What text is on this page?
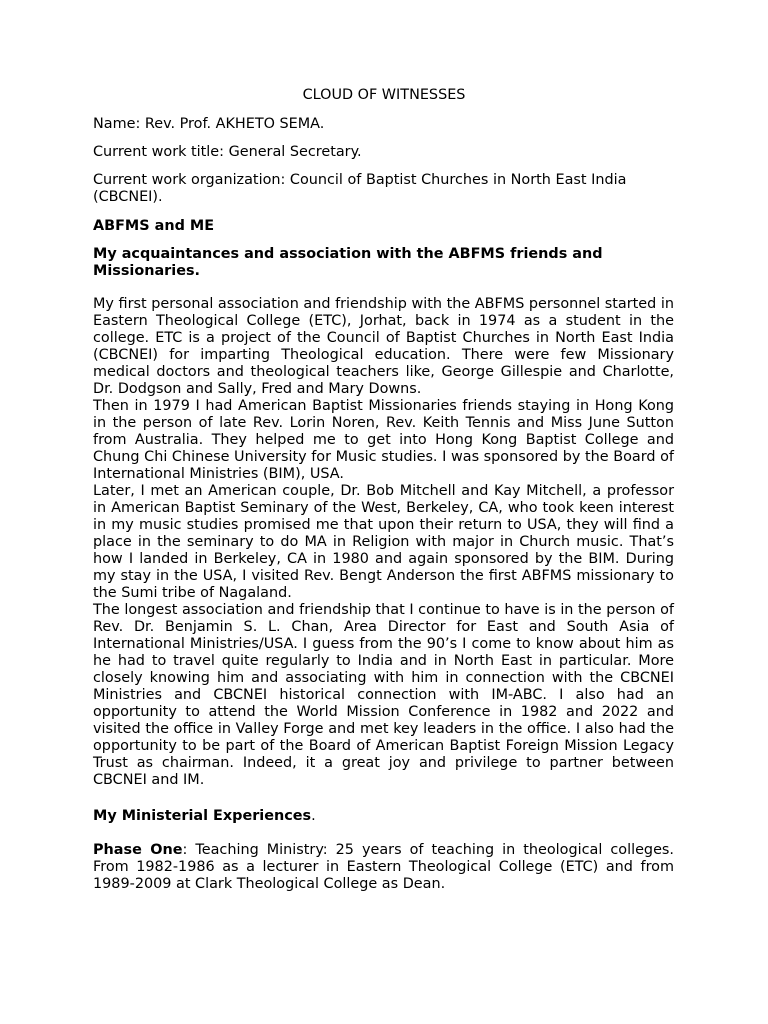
CLOUD OF WITNESSES

Name: Rev. Prof. AKHETO SEMA.

Current work title: General Secretary.

Current work organization: Council of Baptist Churches in North East India (CBCNEI).

ABFMS and ME

My acquaintances and association with the ABFMS friends and Missionaries.

My first personal association and friendship with the ABFMS personnel started in Eastern Theological College (ETC), Jorhat, back in 1974 as a student in the college. ETC is a project of the Council of Baptist Churches in North East India (CBCNEI) for imparting Theological education. There were few Missionary medical doctors and theological teachers like, George Gillespie and Charlotte, Dr. Dodgson and Sally, Fred and Mary Downs.

Then in 1979 I had American Baptist Missionaries friends staying in Hong Kong in the person of late Rev. Lorin Noren, Rev. Keith Tennis and Miss June Sutton from Australia. They helped me to get into Hong Kong Baptist College and Chung Chi Chinese University for Music studies. I was sponsored by the Board of International Ministries (BIM), USA.

Later, I met an American couple, Dr. Bob Mitchell and Kay Mitchell, a professor in American Baptist Seminary of the West, Berkeley, CA, who took keen interest in my music studies promised me that upon their return to USA, they will find a place in the seminary to do MA in Religion with major in Church music. That’s how I landed in Berkeley, CA in 1980 and again sponsored by the BIM. During my stay in the USA, I visited Rev. Bengt Anderson the first ABFMS missionary to the Sumi tribe of Nagaland.

The longest association and friendship that I continue to have is in the person of Rev. Dr. Benjamin S. L. Chan, Area Director for East and South Asia of International Ministries/USA. I guess from the 90’s I come to know about him as he had to travel quite regularly to India and in North East in particular. More closely knowing him and associating with him in connection with the CBCNEI Ministries and CBCNEI historical connection with IM-ABC. I also had an opportunity to attend the World Mission Conference in 1982 and 2022 and visited the office in Valley Forge and met key leaders in the office. I also had the opportunity to be part of the Board of American Baptist Foreign Mission Legacy Trust as chairman. Indeed, it a great joy and privilege to partner between CBCNEI and IM.

My Ministerial Experiences.

Phase One: Teaching Ministry: 25 years of teaching in theological colleges. From 1982-1986 as a lecturer in Eastern Theological College (ETC) and from 1989-2009 at Clark Theological College as Dean.
